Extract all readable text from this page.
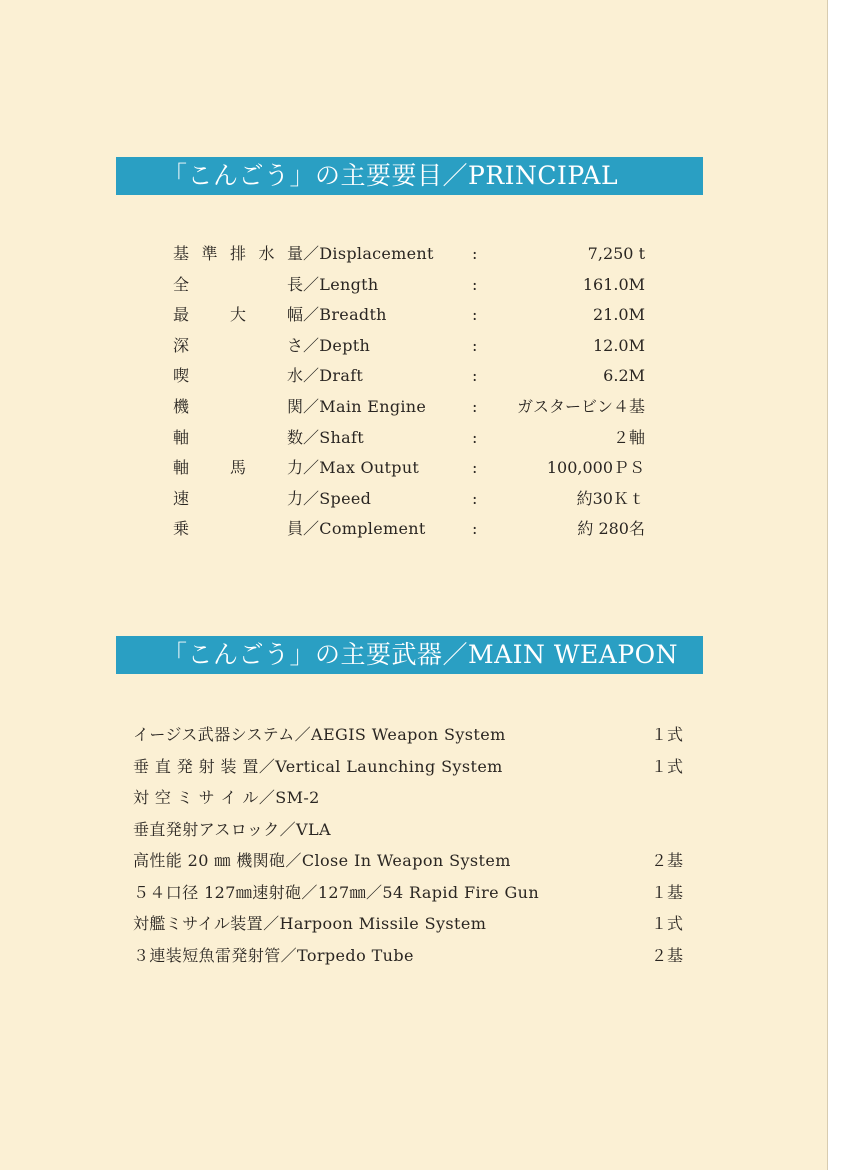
「こんごう」の主要要目／PRINCIPAL
基 準 排 水 量 ／Displacement :	7,250 t
全	長 ／Length	:	161.0M
最	大	幅 ／Breadth	:	21.0M
深	さ ／Depth	:	12.0M
喫	水 ／Draft	:	6.2M
機	関 ／Main Engine	: ガスタービン４基
軸	数 ／Shaft	:	２軸
軸	馬	力 ／Max Output	:	100,000ＰＳ
速	力 ／Speed	:	約30Ｋｔ
乗	員 ／Complement	:	約 280名
「こんごう」の主要武器／MAIN WEAPON
イージス武器システム／AEGIS Weapon System	１式
垂 直 発 射 装 置／Vertical Launching System	１式
対 空 ミ サ イ ル／SM-2
垂直発射アスロック／VLA
高性能 20 ㎜ 機関砲／Close In Weapon System	２基
５４口径 127㎜速射砲／127㎜／54 Rapid Fire Gun	１基
対艦ミサイル装置／Harpoon Missile System	１式
３連装短魚雷発射管／Torpedo Tube	２基
